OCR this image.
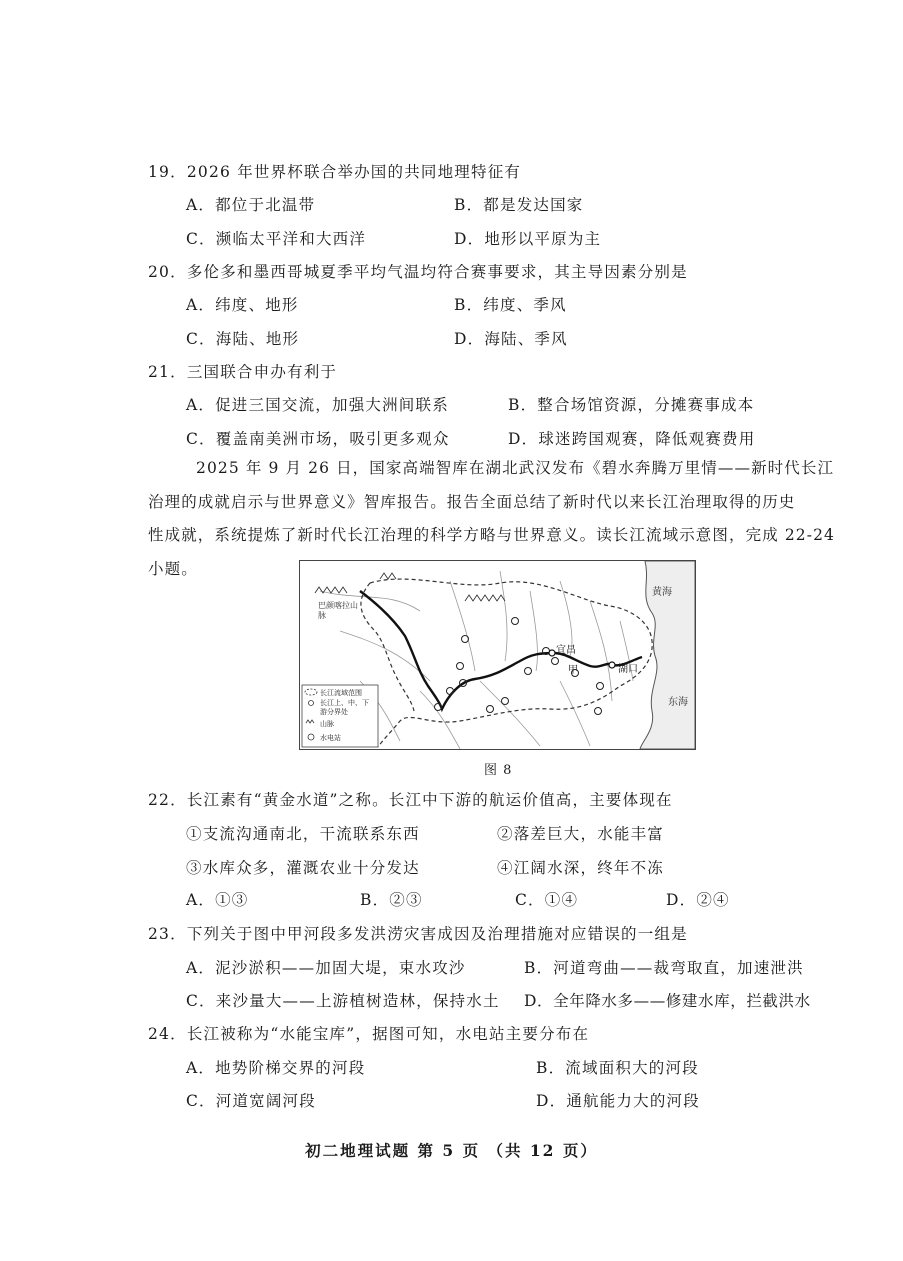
19．2026 年世界杯联合举办国的共同地理特征有
A．都位于北温带	B．都是发达国家
C．濒临太平洋和大西洋	D．地形以平原为主
20．多伦多和墨西哥城夏季平均气温均符合赛事要求，其主导因素分别是
A．纬度、地形	B．纬度、季风
C．海陆、地形	D．海陆、季风
21．三国联合申办有利于
A．促进三国交流，加强大洲间联系	B．整合场馆资源，分摊赛事成本
C．覆盖南美洲市场，吸引更多观众	D．球迷跨国观赛，降低观赛费用
2025 年 9 月 26 日，国家高端智库在湖北武汉发布《碧水奔腾万里情——新时代长江
治理的成就启示与世界意义》智库报告。报告全面总结了新时代以来长江治理取得的历史
性成就，系统提炼了新时代长江治理的科学方略与世界意义。读长江流域示意图，完成 22-24
小题。
黄海
东海
宜昌
湖口
甲
巴颜喀拉山脉
长江流域范围
长江上、中、下游分界处
山脉
水电站
图 8
22．长江素有“黄金水道”之称。长江中下游的航运价值高，主要体现在
①支流沟通南北，干流联系东西	②落差巨大，水能丰富
③水库众多，灌溉农业十分发达	④江阔水深，终年不冻
A．①③	B．②③	C．①④	D．②④
23．下列关于图中甲河段多发洪涝灾害成因及治理措施对应错误的一组是
A．泥沙淤积——加固大堤，束水攻沙	B．河道弯曲——裁弯取直，加速泄洪
C．来沙量大——上游植树造林，保持水土 D．全年降水多——修建水库，拦截洪水
24．长江被称为“水能宝库”，据图可知，水电站主要分布在
A．地势阶梯交界的河段	B．流域面积大的河段
C．河道宽阔河段	D．通航能力大的河段
初二地理试题 第 5 页 （共 12 页）
